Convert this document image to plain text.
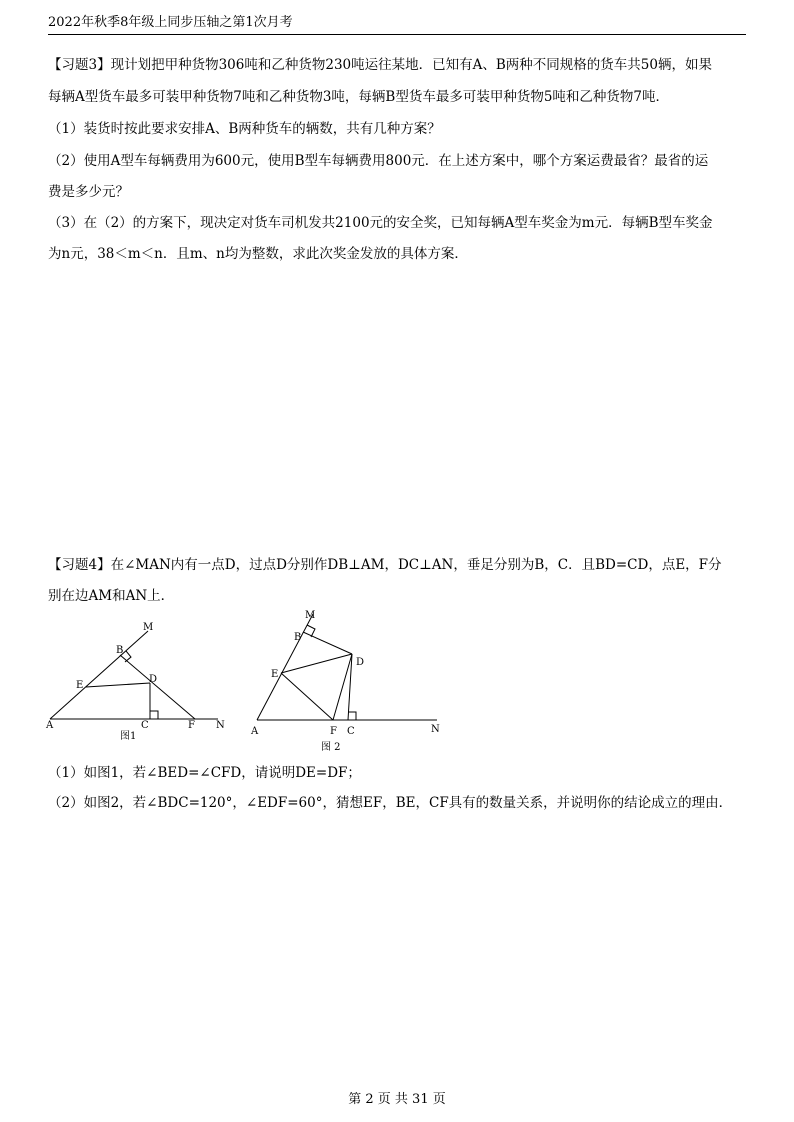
2022年秋季8年级上同步压轴之第1次月考
【习题3】现计划把甲种货物306吨和乙种货物230吨运往某地．已知有A、B两种不同规格的货车共50辆，如果
每辆A型货车最多可装甲种货物7吨和乙种货物3吨，每辆B型货车最多可装甲种货物5吨和乙种货物7吨．
（1）装货时按此要求安排A、B两种货车的辆数，共有几种方案？
（2）使用A型车每辆费用为600元，使用B型车每辆费用800元．在上述方案中，哪个方案运费最省？最省的运
费是多少元？
（3）在（2）的方案下，现决定对货车司机发共2100元的安全奖，已知每辆A型车奖金为m元．每辆B型车奖金
为n元，38＜m＜n．且m、n均为整数，求此次奖金发放的具体方案．
【习题4】在∠MAN内有一点D，过点D分别作DB⊥AM，DC⊥AN，垂足分别为B，C．且BD=CD，点E，F分
别在边AM和AN上．
M
B
E
D
A	C	F N
图1
M
B
D
E
A	F C	N
图 2
（1）如图1，若∠BED=∠CFD，请说明DE=DF；
（2）如图2，若∠BDC=120°，∠EDF=60°，猜想EF，BE，CF具有的数量关系，并说明你的结论成立的理由．
第 2 页 共 31 页
